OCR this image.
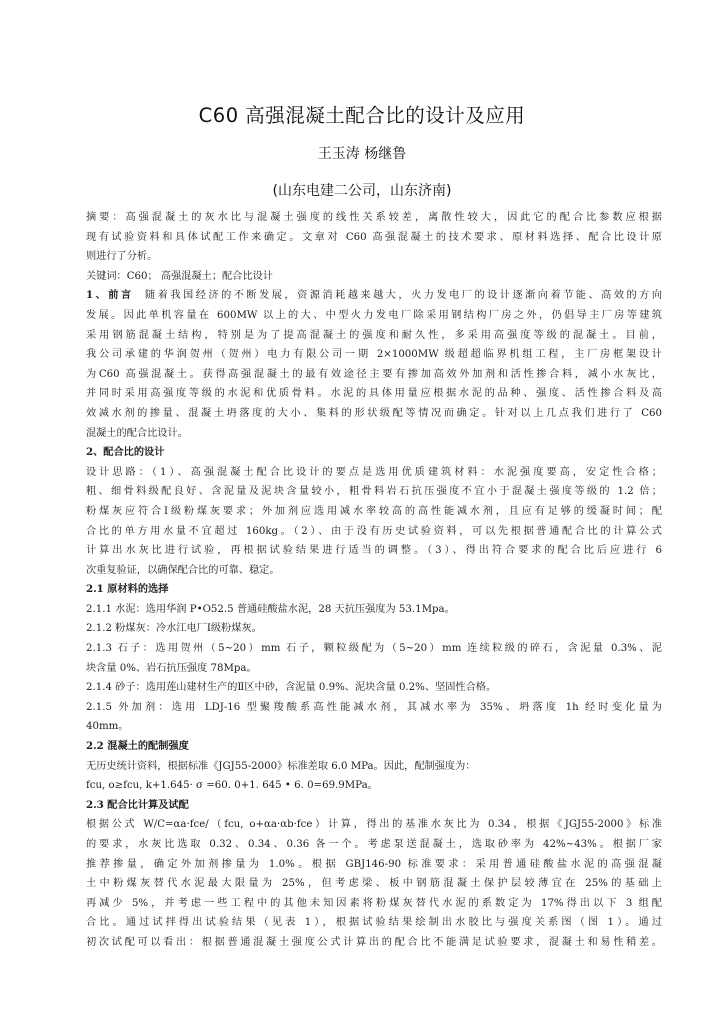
C60 高强混凝土配合比的设计及应用
王玉涛 杨继鲁
(山东电建二公司，山东济南)
摘要：高强混凝土的灰水比与混凝土强度的线性关系较差，离散性较大，因此它的配合比参数应根据
现有试验资料和具体试配工作来确定。文章对 C60 高强混凝土的技术要求、原材料选择、配合比设计原
则进行了分析。
关键词：C60； 高强混凝土；配合比设计
1、前言 随着我国经济的不断发展，资源消耗越来越大，火力发电厂的设计逐渐向着节能、高效的方向
发展。因此单机容量在 600MW 以上的大、中型火力发电厂除采用钢结构厂房之外，仍倡导主厂房等建筑
采用钢筋混凝土结构，特别是为了提高混凝土的强度和耐久性，多采用高强度等级的混凝土。目前，
我公司承建的华润贺州（贺州）电力有限公司一期 2×1000MW 级超超临界机组工程，主厂房框架设计
为C60 高强混凝土。获得高强混凝土的最有效途径主要有掺加高效外加剂和活性掺合料，减小水灰比，
并同时采用高强度等级的水泥和优质骨料。水泥的具体用量应根据水泥的品种、强度、活性掺合料及高
效减水剂的掺量、混凝土坍落度的大小、集料的形状级配等情况而确定。针对以上几点我们进行了 C60
混凝土的配合比设计。
2、配合比的设计
设计思路：（1）、高强混凝土配合比设计的要点是选用优质建筑材料：水泥强度要高，安定性合格；
粗、细骨料级配良好、含泥量及泥块含量较小，粗骨料岩石抗压强度不宜小于混凝土强度等级的 1.2 倍；
粉煤灰应符合Ⅰ级粉煤灰要求；外加剂应选用减水率较高的高性能减水剂，且应有足够的缓凝时间；配
合比的单方用水量不宜超过 160kg。（2）、由于没有历史试验资料，可以先根据普通配合比的计算公式
计算出水灰比进行试验，再根据试验结果进行适当的调整。（3）、得出符合要求的配合比后应进行 6
次重复验证，以确保配合比的可靠、稳定。
2.1 原材料的选择
2.1.1 水泥：选用华润 P•O52.5 普通硅酸盐水泥，28 天抗压强度为 53.1Mpa。
2.1.2 粉煤灰：冷水江电厂Ⅰ级粉煤灰。
2.1.3 石子：选用贺州（5~20）mm 石子，颗粒级配为（5~20）mm 连续粒级的碎石，含泥量 0.3%、泥
块含量 0%、岩石抗压强度 78Mpa。
2.1.4 砂子：选用莲山建材生产的Ⅱ区中砂，含泥量 0.9%、泥块含量 0.2%、坚固性合格。
2.1.5 外加剂：选用 LDJ-16 型聚羧酸系高性能减水剂，其减水率为 35%、坍落度 1h 经时变化量为
40mm。
2.2 混凝土的配制强度
无历史统计资料，根据标准《JGJ55-2000》标准差取 6.0 MPa。因此，配制强度为：
fcu, o≥fcu, k+1.645· σ =60. 0+1. 645 • 6. 0=69.9MPa。
2.3 配合比计算及试配
根据公式 W/C=αa·fce/（fcu, o+αa·αb·fce）计算，得出的基准水灰比为 0.34，根据《JGJ55-2000》标准
的要求，水灰比选取 0.32、0.34、0.36 各一个。考虑泵送混凝土，选取砂率为 42%~43%。根据厂家
推荐掺量，确定外加剂掺量为 1.0%。根据 GBJ146-90 标准要求：采用普通硅酸盐水泥的高强混凝
土中粉煤灰替代水泥最大限量为 25%，但考虑梁、板中钢筋混凝土保护层较薄宜在 25%的基础上
再减少 5%，并考虑一些工程中的其他未知因素将粉煤灰替代水泥的系数定为 17%得出以下 3 组配
合比。通过试拌得出试验结果（见表 1），根据试验结果绘制出水胶比与强度关系图（图 1）。通过
初次试配可以看出：根据普通混凝土强度公式计算出的配合比不能满足试验要求，混凝土和易性稍差。
